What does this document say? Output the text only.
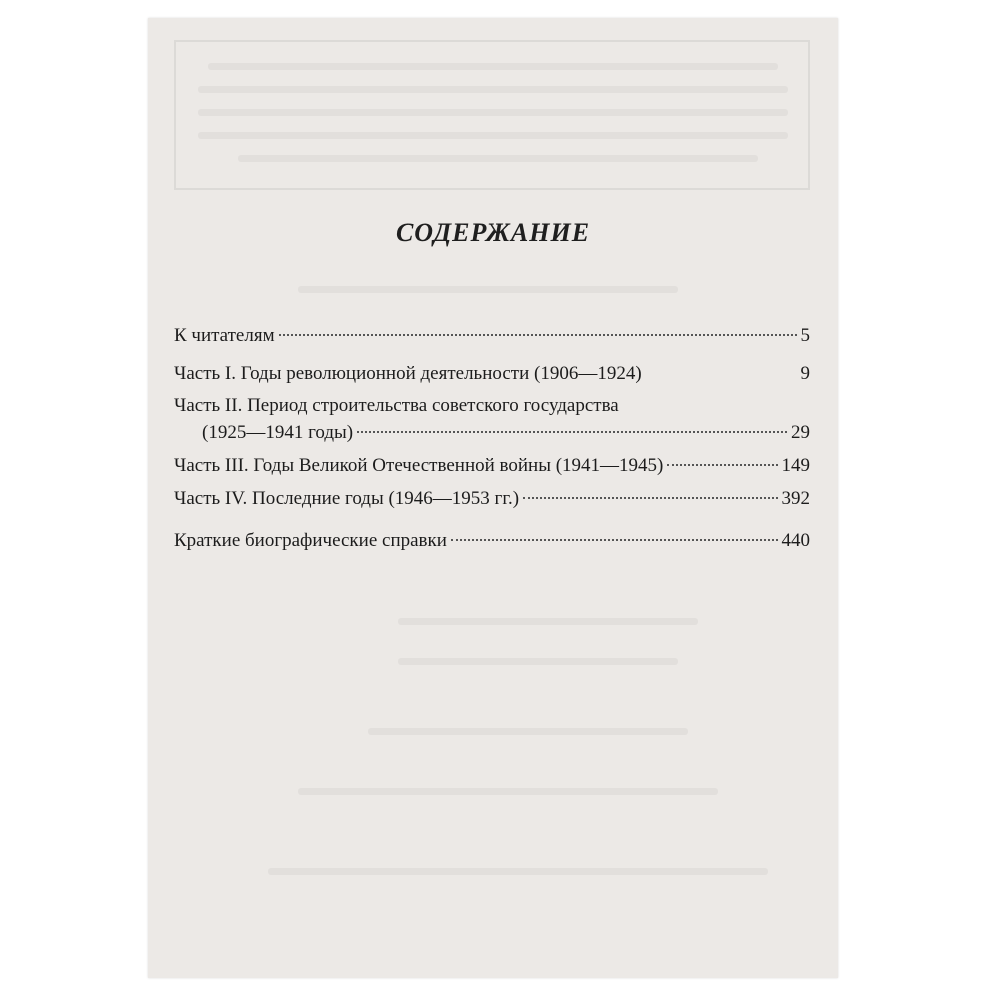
СОДЕРЖАНИЕ
К читателям	5
Часть I. Годы революционной деятельности (1906—1924)	9
Часть II. Период строительства советского государства
(1925—1941 годы)	29
Часть III. Годы Великой Отечественной войны (1941—1945)	149
Часть IV. Последние годы (1946—1953 гг.)	392
Краткие биографические справки	440
